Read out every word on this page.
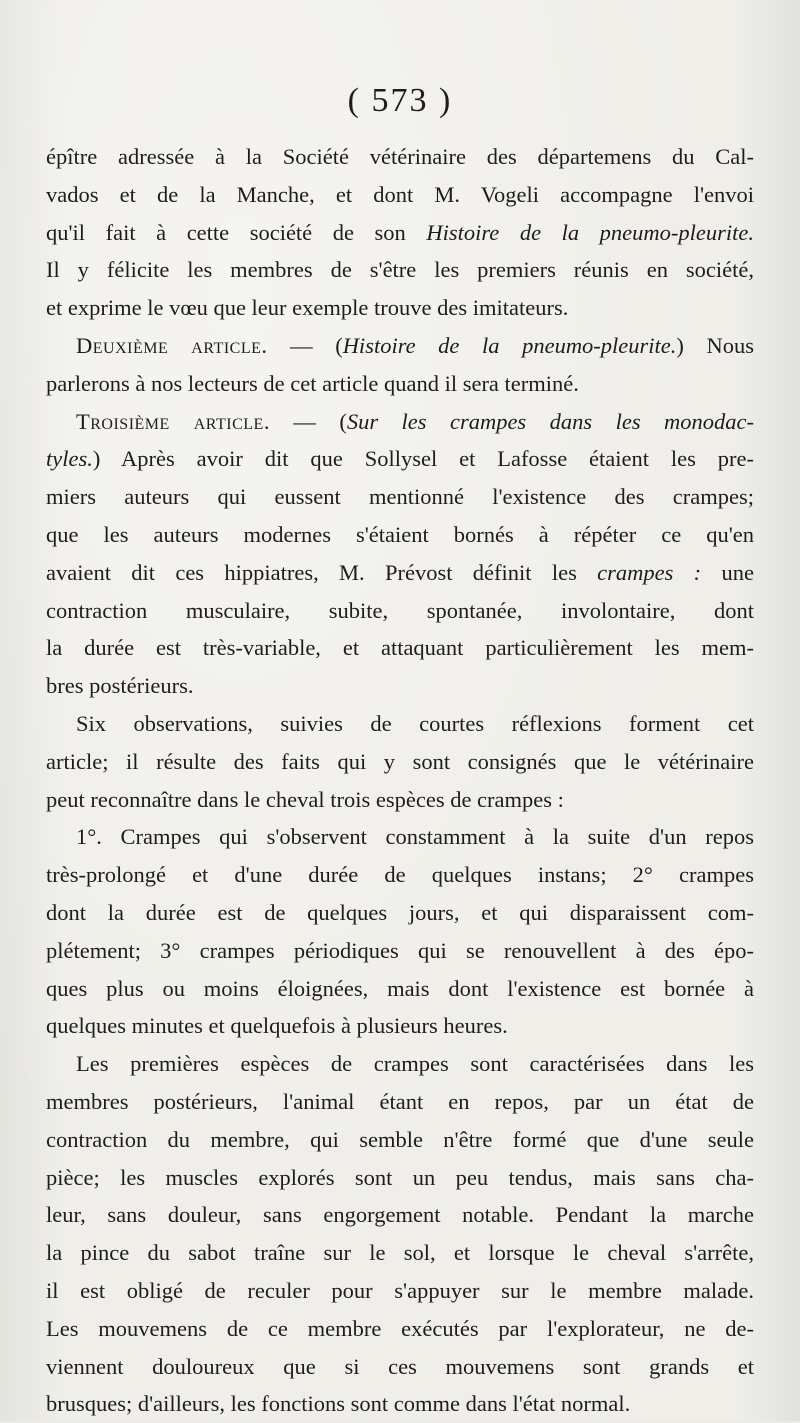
( 573 )

épître adressée à la Société vétérinaire des départemens du Cal-
vados et de la Manche, et dont M. Vogeli accompagne l'envoi
qu'il fait à cette société de son Histoire de la pneumo-pleurite.
Il y félicite les membres de s'être les premiers réunis en société,
et exprime le vœu que leur exemple trouve des imitateurs.

Deuxième article. — (Histoire de la pneumo-pleurite.) Nous
parlerons à nos lecteurs de cet article quand il sera terminé.

Troisième article. — (Sur les crampes dans les monodac-
tyles.) Après avoir dit que Sollysel et Lafosse étaient les pre-
miers auteurs qui eussent mentionné l'existence des crampes;
que les auteurs modernes s'étaient bornés à répéter ce qu'en
avaient dit ces hippiatres, M. Prévost définit les crampes : une
contraction musculaire, subite, spontanée, involontaire, dont
la durée est très-variable, et attaquant particulièrement les mem-
bres postérieurs.

Six observations, suivies de courtes réflexions forment cet
article; il résulte des faits qui y sont consignés que le vétérinaire
peut reconnaître dans le cheval trois espèces de crampes :

1°. Crampes qui s'observent constamment à la suite d'un repos
très-prolongé et d'une durée de quelques instans; 2° crampes
dont la durée est de quelques jours, et qui disparaissent com-
plétement; 3° crampes périodiques qui se renouvellent à des épo-
ques plus ou moins éloignées, mais dont l'existence est bornée à
quelques minutes et quelquefois à plusieurs heures.

Les premières espèces de crampes sont caractérisées dans les
membres postérieurs, l'animal étant en repos, par un état de
contraction du membre, qui semble n'être formé que d'une seule
pièce; les muscles explorés sont un peu tendus, mais sans cha-
leur, sans douleur, sans engorgement notable. Pendant la marche
la pince du sabot traîne sur le sol, et lorsque le cheval s'arrête,
il est obligé de reculer pour s'appuyer sur le membre malade.
Les mouvemens de ce membre exécutés par l'explorateur, ne de-
viennent douloureux que si ces mouvemens sont grands et
brusques; d'ailleurs, les fonctions sont comme dans l'état normal.
